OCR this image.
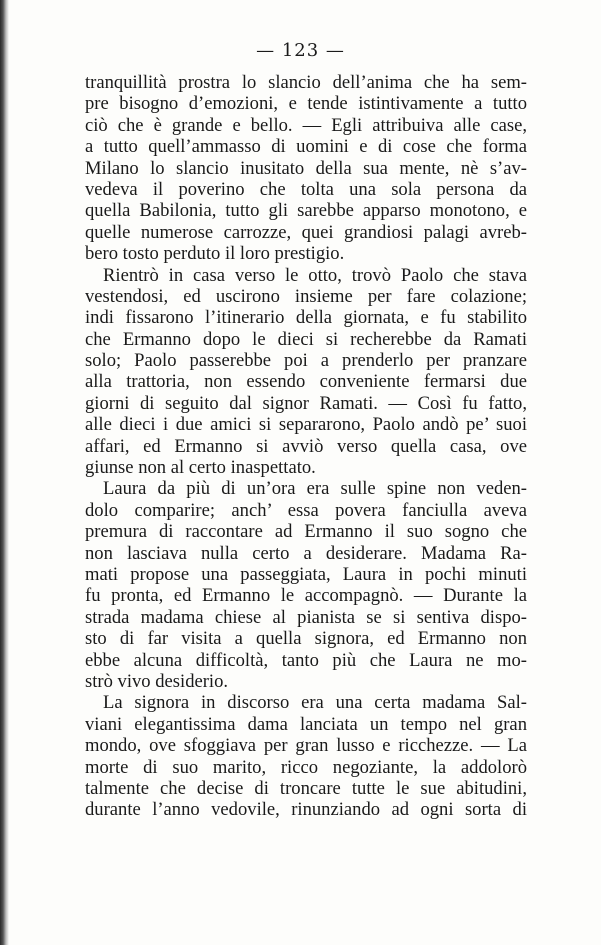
— 123 —
tranquillità prostra lo slancio dell’anima che ha sem-
pre bisogno d’emozioni, e tende istintivamente a tutto
ciò che è grande e bello. — Egli attribuiva alle case,
a tutto quell’ammasso di uomini e di cose che forma
Milano lo slancio inusitato della sua mente, nè s’av-
vedeva il poverino che tolta una sola persona da
quella Babilonia, tutto gli sarebbe apparso monotono, e
quelle numerose carrozze, quei grandiosi palagi avreb-
bero tosto perduto il loro prestigio.
Rientrò in casa verso le otto, trovò Paolo che stava
vestendosi, ed uscirono insieme per fare colazione;
indi fissarono l’itinerario della giornata, e fu stabilito
che Ermanno dopo le dieci si recherebbe da Ramati
solo; Paolo passerebbe poi a prenderlo per pranzare
alla trattoria, non essendo conveniente fermarsi due
giorni di seguito dal signor Ramati. — Così fu fatto,
alle dieci i due amici si separarono, Paolo andò pe’ suoi
affari, ed Ermanno si avviò verso quella casa, ove
giunse non al certo inaspettato.
Laura da più di un’ora era sulle spine non veden-
dolo comparire; anch’ essa povera fanciulla aveva
premura di raccontare ad Ermanno il suo sogno che
non lasciava nulla certo a desiderare. Madama Ra-
mati propose una passeggiata, Laura in pochi minuti
fu pronta, ed Ermanno le accompagnò. — Durante la
strada madama chiese al pianista se si sentiva dispo-
sto di far visita a quella signora, ed Ermanno non
ebbe alcuna difficoltà, tanto più che Laura ne mo-
strò vivo desiderio.
La signora in discorso era una certa madama Sal-
viani elegantissima dama lanciata un tempo nel gran
mondo, ove sfoggiava per gran lusso e ricchezze. — La
morte di suo marito, ricco negoziante, la addolorò
talmente che decise di troncare tutte le sue abitudini,
durante l’anno vedovile, rinunziando ad ogni sorta di
